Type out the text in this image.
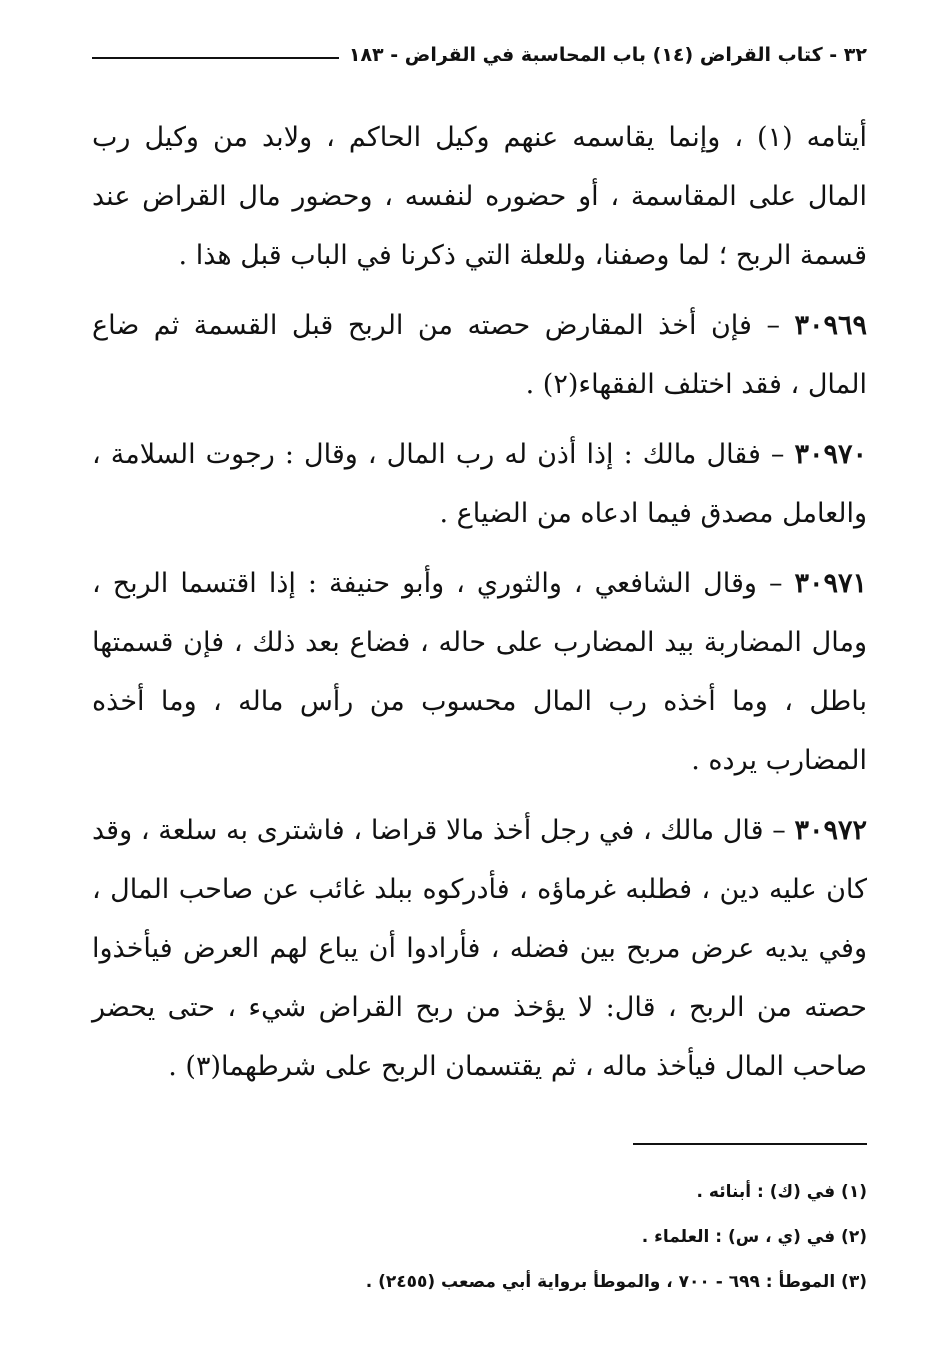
٣٢ - كتاب القراض (١٤) باب المحاسبة في القراض - ١٨٣

أيتامه (١) ، وإنما يقاسمه عنهم وكيل الحاكم ، ولابد من وكيل رب المال على المقاسمة ، أو حضوره لنفسه ، وحضور مال القراض عند قسمة الربح ؛ لما وصفنا، وللعلة التي ذكرنا في الباب قبل هذا .

٣٠٩٦٩ – فإن أخذ المقارض حصته من الربح قبل القسمة ثم ضاع المال ، فقد اختلف الفقهاء(٢) .

٣٠٩٧٠ – فقال مالك : إذا أذن له رب المال ، وقال : رجوت السلامة ، والعامل مصدق فيما ادعاه من الضياع .

٣٠٩٧١ – وقال الشافعي ، والثوري ، وأبو حنيفة : إذا اقتسما الربح ، ومال المضاربة بيد المضارب على حاله ، فضاع بعد ذلك ، فإن قسمتها باطل ، وما أخذه رب المال محسوب من رأس ماله ، وما أخذه المضارب يرده .

٣٠٩٧٢ – قال مالك ، في رجل أخذ مالا قراضا ، فاشترى به سلعة ، وقد كان عليه دين ، فطلبه غرماؤه ، فأدركوه ببلد غائب عن صاحب المال ، وفي يديه عرض مربح بين فضله ، فأرادوا أن يباع لهم العرض فيأخذوا حصته من الربح ، قال: لا يؤخذ من ربح القراض شيء ، حتى يحضر صاحب المال فيأخذ ماله ، ثم يقتسمان الربح على شرطهما(٣) .

(١) في (ك) : أبنائه .
(٢) في (ي ، س) : العلماء .
(٣) الموطأ : ٦٩٩ - ٧٠٠ ، والموطأ برواية أبي مصعب (٢٤٥٥) .
